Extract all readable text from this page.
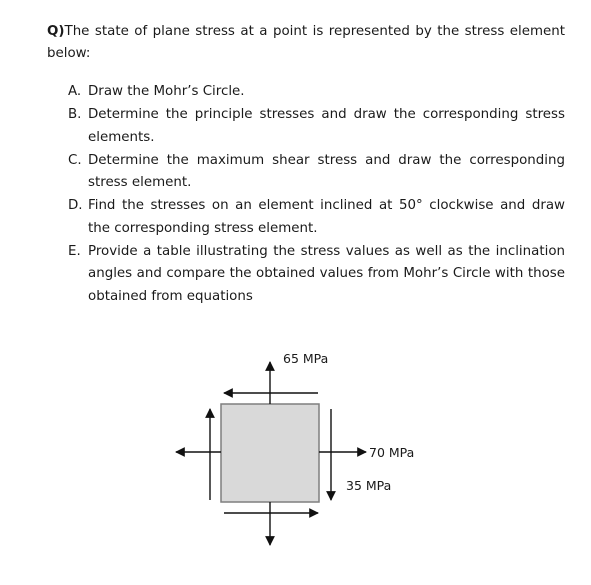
Q)The state of plane stress at a point is represented by the stress element below:
A. Draw the Mohr’s Circle.
B. Determine the principle stresses and draw the corresponding stress elements.
C. Determine the maximum shear stress and draw the corresponding stress element.
D. Find the stresses on an element inclined at 50° clockwise and draw the corresponding stress element.
E. Provide a table illustrating the stress values as well as the inclination angles and compare the obtained values from Mohr’s Circle with those obtained from equations
65 MPa
70 MPa
35 MPa
